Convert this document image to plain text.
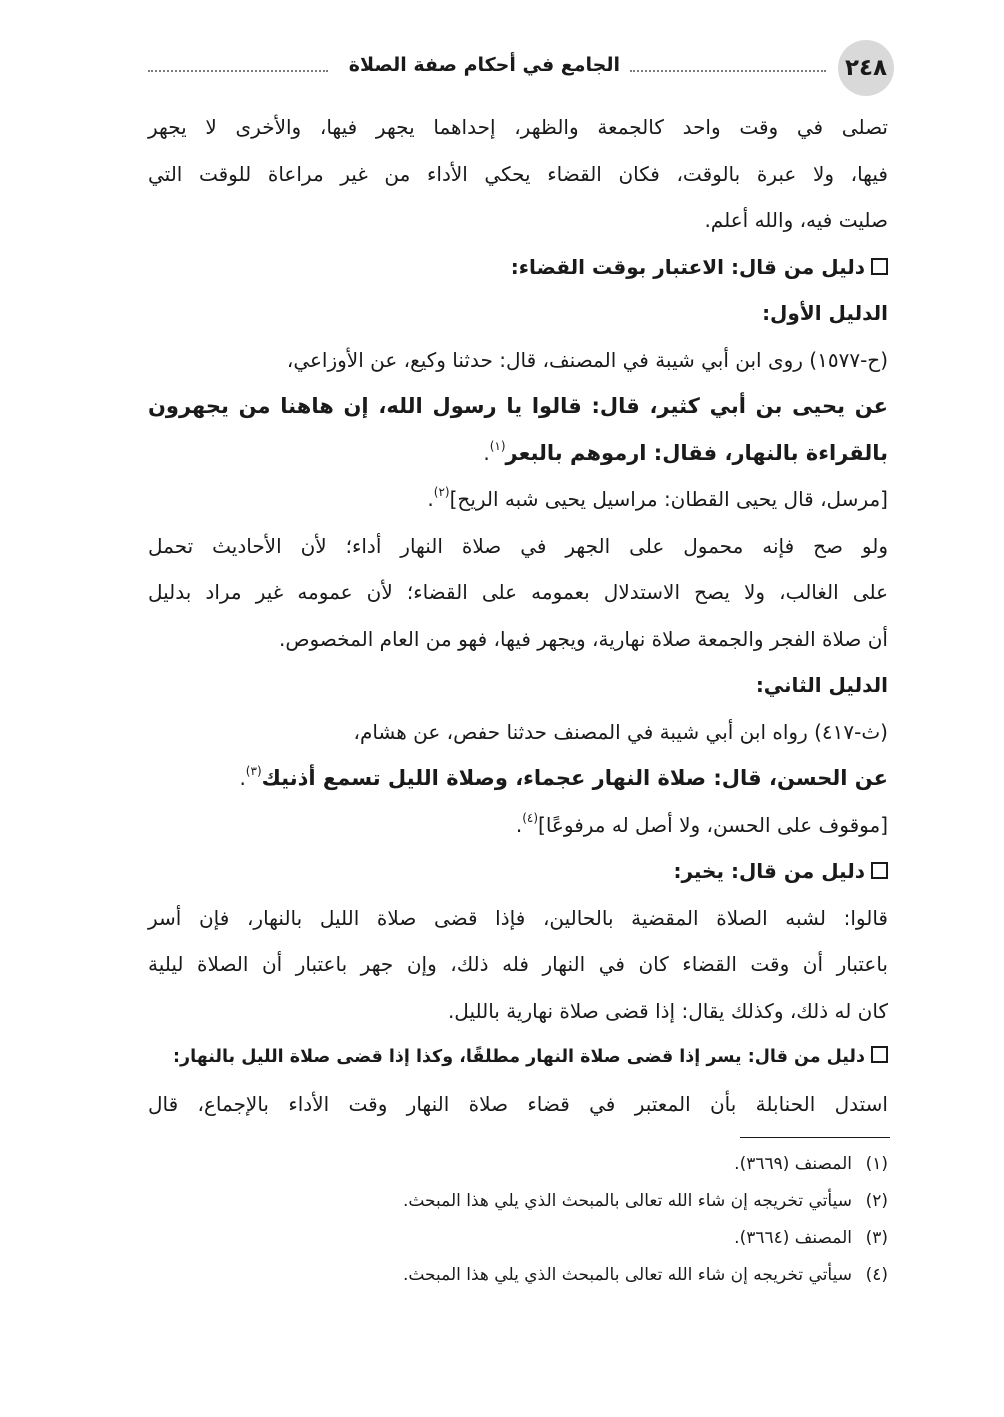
٢٤٨
الجامع في أحكام صفة الصلاة
تصلى في وقت واحد كالجمعة والظهر، إحداهما يجهر فيها، والأخرى لا يجهر
فيها، ولا عبرة بالوقت، فكان القضاء يحكي الأداء من غير مراعاة للوقت التي
صليت فيه، والله أعلم.
دليل من قال: الاعتبار بوقت القضاء:
الدليل الأول:
(ح-١٥٧٧) روى ابن أبي شيبة في المصنف، قال: حدثنا وكيع، عن الأوزاعي،
عن يحيى بن أبي كثير، قال: قالوا يا رسول الله، إن هاهنا من يجهرون
بالقراءة بالنهار، فقال: ارموهم بالبعر$^{(١)}$.
[مرسل، قال يحيى القطان: مراسيل يحيى شبه الريح]$^{(٢)}$.
ولو صح فإنه محمول على الجهر في صلاة النهار أداء؛ لأن الأحاديث تحمل
على الغالب، ولا يصح الاستدلال بعمومه على القضاء؛ لأن عمومه غير مراد بدليل
أن صلاة الفجر والجمعة صلاة نهارية، ويجهر فيها، فهو من العام المخصوص.
الدليل الثاني:
(ث-٤١٧) رواه ابن أبي شيبة في المصنف حدثنا حفص، عن هشام،
عن الحسن، قال: صلاة النهار عجماء، وصلاة الليل تسمع أذنيك$^{(٣)}$.
[موقوف على الحسن، ولا أصل له مرفوعًا]$^{(٤)}$.
دليل من قال: يخير:
قالوا: لشبه الصلاة المقضية بالحالين، فإذا قضى صلاة الليل بالنهار، فإن أسر
باعتبار أن وقت القضاء كان في النهار فله ذلك، وإن جهر باعتبار أن الصلاة ليلية
كان له ذلك، وكذلك يقال: إذا قضى صلاة نهارية بالليل.
دليل من قال: يسر إذا قضى صلاة النهار مطلقًا، وكذا إذا قضى صلاة الليل بالنهار:
استدل الحنابلة بأن المعتبر في قضاء صلاة النهار وقت الأداء بالإجماع، قال
(١)المصنف (٣٦٦٩).
(٢)سيأتي تخريجه إن شاء الله تعالى بالمبحث الذي يلي هذا المبحث.
(٣)المصنف (٣٦٦٤).
(٤)سيأتي تخريجه إن شاء الله تعالى بالمبحث الذي يلي هذا المبحث.
